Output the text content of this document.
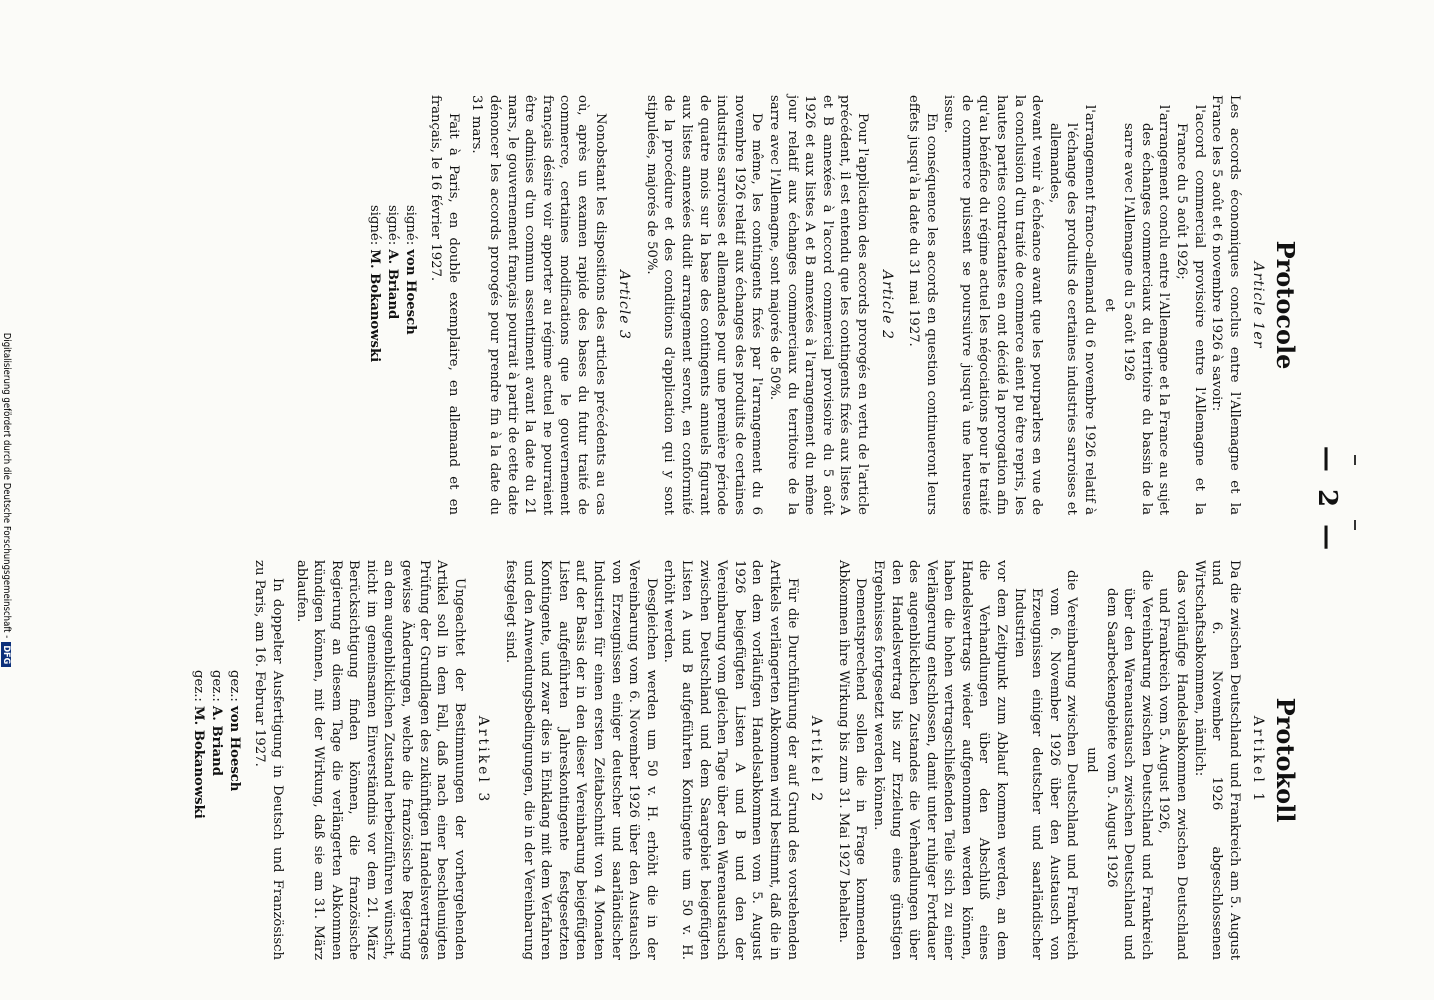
— 2 —
Protocole
Article 1er

Les accords économiques conclus entre l'Allemagne et la France les 5 août et 6 novembre 1926 à savoir:

l'accord commercial provisoire entre l'Allemagne et la France du 5 août 1926;

l'arrangement conclu entre l'Allemagne et la France au sujet des échanges commerciaux du territoire du bassin de la sarre avec l'Allemagne du 5 août 1926

et

l'arrangement franco-allemand du 6 novembre 1926 relatif à l'échange des produits de certaines industries sarroises et allemandes,

devant venir à échéance avant que les pourparlers en vue de la conclusion d'un traité de commerce aient pu être repris, les hautes parties contractantes en ont décidé la prorogation afin qu'au bénéfice du régime actuel les négociations pour le traité de commerce puissent se poursuivre jusqu'à une heureuse issue.

En conséquence les accords en question continueront leurs effets jusqu'à la date du 31 mai 1927.

Article 2

Pour l'application des accords prorogés en vertu de l'article précédent, il est entendu que les contingents fixés aux listes A et B annexées à l'accord commercial provisoire du 5 août 1926 et aux listes A et B annexées à l'arrangement du même jour relatif aux échanges commerciaux du territoire de la sarre avec l'Allemagne, sont majorés de 50%.

De même, les contingents fixés par l'arrangement du 6 novembre 1926 relatif aux échanges des produits de certaines industries sarroises et allemandes pour une première période de quatre mois sur la base des contingents annuels figurant aux listes annexées dudit arrangement seront, en conformité de la procédure et des conditions d'application qui y sont stipulées, majorés de 50%.

Article 3

Nonobstant les dispositions des articles précédents au cas où, après un examen rapide des bases du futur traité de commerce, certaines modifications que le gouvernement français désire voir apporter au régime actuel ne pourraient être admises d'un commun assentiment avant la date du 21 mars, le gouvernement français pourrait à partir de cette date dénoncer les accords prorogés pour prendre fin à la date du 31 mars.

Fait à Paris, en double exemplaire, en allemand et en français, le 16 février 1927.

signé: von Hoesch
signé: A. Briand
signé: M. Bokanowski
Protokoll
Artikel 1

Da die zwischen Deutschland und Frankreich am 5. August und 6. November 1926 abgeschlossenen Wirtschaftsabkommen, nämlich:

das vorläufige Handelsabkommen zwischen Deutschland und Frankreich vom 5. August 1926,

die Vereinbarung zwischen Deutschland und Frankreich über den Warenaustausch zwischen Deutschland und dem Saarbeckengebiete vom 5. August 1926

und

die Vereinbarung zwischen Deutschland und Frankreich vom 6. November 1926 über den Austausch von Erzeugnissen einiger deutscher und saarländischer Industrien

vor dem Zeitpunkt zum Ablauf kommen werden, an dem die Verhandlungen über den Abschluß eines Handelsvertrags wieder aufgenommen werden können, haben die hohen vertragschließenden Teile sich zu einer Verlängerung entschlossen, damit unter ruhiger Fortdauer des augenblicklichen Zustandes die Verhandlungen über den Handelsvertrag bis zur Erzielung eines günstigen Ergebnisses fortgesetzt werden können.

Dementsprechend sollen die in Frage kommenden Abkommen ihre Wirkung bis zum 31. Mai 1927 behalten.

Artikel 2

Für die Durchführung der auf Grund des vorstehenden Artikels verlängerten Abkommen wird bestimmt, daß die in den dem vorläufigen Handelsabkommen vom 5. August 1926 beigefügten Listen A und B und den der Vereinbarung vom gleichen Tage über den Warenaustausch zwischen Deutschland und dem Saargebiet beigefügten Listen A und B aufgeführten Kontingente um 50 v. H. erhöht werden.

Desgleichen werden um 50 v. H. erhöht die in der Vereinbarung vom 6. November 1926 über den Austausch von Erzeugnissen einiger deutscher und saarländischer Industrien für einen ersten Zeitabschnitt von 4 Monaten auf der Basis der in den dieser Vereinbarung beigefügten Listen aufgeführten Jahreskontingente festgesetzten Kontingente, und zwar dies in Einklang mit dem Verfahren und den Anwendungsbedingungen, die in der Vereinbarung festgelegt sind.

Artikel 3

Ungeachtet der Bestimmungen der vorhergehenden Artikel soll in dem Fall, daß nach einer beschleunigten Prüfung der Grundlagen des zukünftigen Handelsvertrages gewisse Änderungen, welche die französische Regierung an dem augenblicklichen Zustand herbeizuführen wünscht, nicht im gemeinsamen Einverständnis vor dem 21. März Berücksichtigung finden können, die französische Regierung an diesem Tage die verlängerten Abkommen kündigen können, mit der Wirkung, daß sie am 31. März ablaufen.

In doppelter Ausfertigung in Deutsch und Französisch zu Paris, am 16. Februar 1927.

gez.: von Hoesch
gez.: A. Briand
gez.: M. Bokanowski
Digitalisierung gefördert durch die Deutsche Forschungsgemeinschaft -DFG
